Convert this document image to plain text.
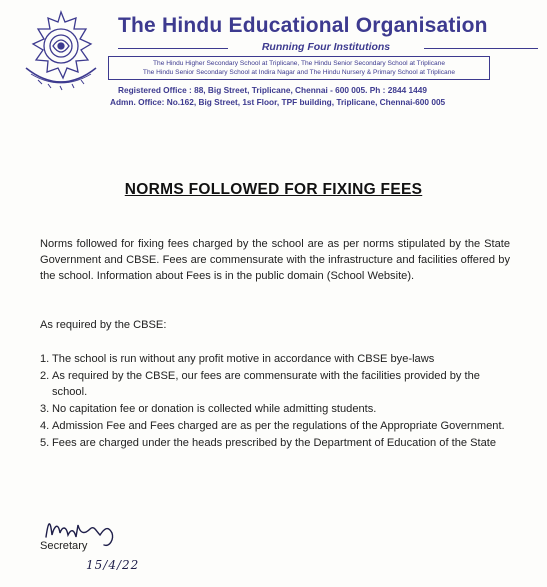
The Hindu Educational Organisation
Running Four Institutions
The Hindu Higher Secondary School at Triplicane, The Hindu Senior Secondary School at Triplicane
The Hindu Senior Secondary School at Indira Nagar and The Hindu Nursery & Primary School at Triplicane
Registered Office : 88, Big Street, Triplicane, Chennai - 600 005. Ph : 2844 1449
Admn. Office: No.162, Big Street, 1st Floor, TPF building, Triplicane, Chennai-600 005
NORMS FOLLOWED FOR FIXING FEES
Norms followed for fixing fees charged by the school are as per norms stipulated by the State Government and CBSE. Fees are commensurate with the infrastructure and facilities offered by the school. Information about Fees is in the public domain (School Website).
As required by the CBSE:
1. The school is run without any profit motive in accordance with CBSE bye-laws
2. As required by the CBSE, our fees are commensurate with the facilities provided by the school.
3. No capitation fee or donation is collected while admitting students.
4. Admission Fee and Fees charged are as per the regulations of the Appropriate Government.
5. Fees are charged under the heads prescribed by the Department of Education of the State
Secretary
15/4/22
